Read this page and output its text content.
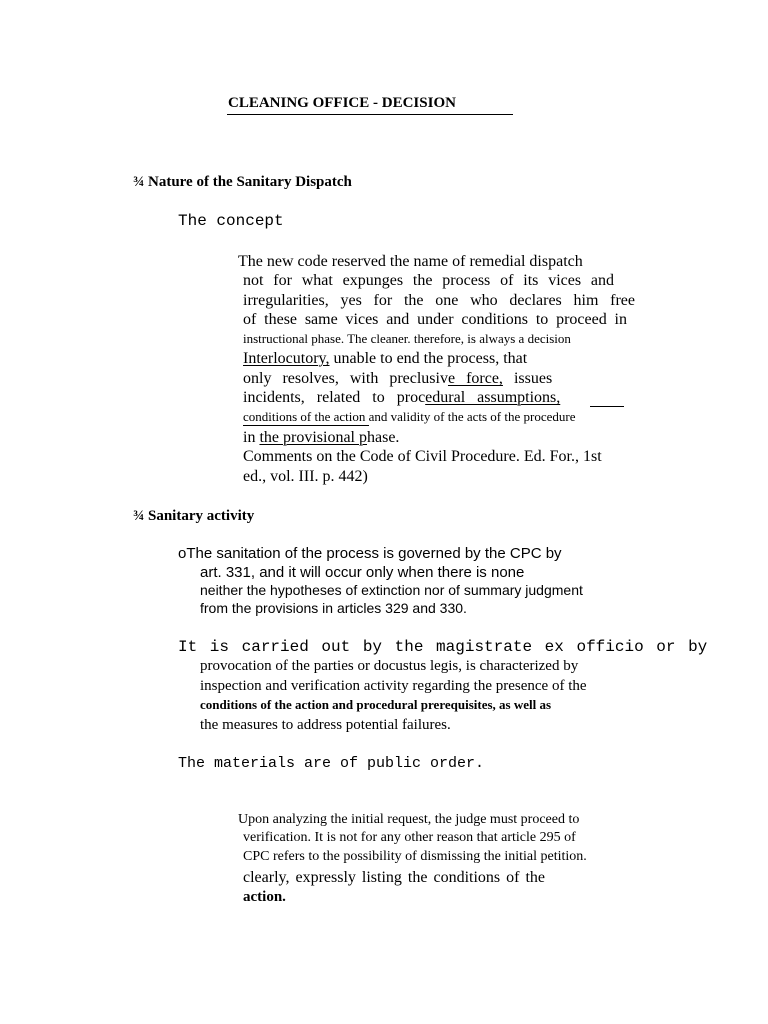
CLEANING OFFICE - DECISION
¾ Nature of the Sanitary Dispatch
The concept
The new code reserved the name of remedial dispatch
not for what expunges the process of its vices and
irregularities, yes for the one who declares him free
of these same vices and under conditions to proceed in
instructional phase. The cleaner. therefore, is always a decision
Interlocutory, unable to end the process, that
only resolves, with preclusive force, issues
incidents, related to procedural assumptions,
conditions of the action and validity of the acts of the procedure
in the provisional phase.
Comments on the Code of Civil Procedure. Ed. For., 1st
ed., vol. III. p. 442)
¾ Sanitary activity
oThe sanitation of the process is governed by the CPC by
art. 331, and it will occur only when there is none
neither the hypotheses of extinction nor of summary judgment
from the provisions in articles 329 and 330.
It is carried out by the magistrate ex officio or by
provocation of the parties or docustus legis, is characterized by
inspection and verification activity regarding the presence of the
conditions of the action and procedural prerequisites, as well as
the measures to address potential failures.
The materials are of public order.
Upon analyzing the initial request, the judge must proceed to
verification. It is not for any other reason that article 295 of
CPC refers to the possibility of dismissing the initial petition.
clearly, expressly listing the conditions of the
action.
